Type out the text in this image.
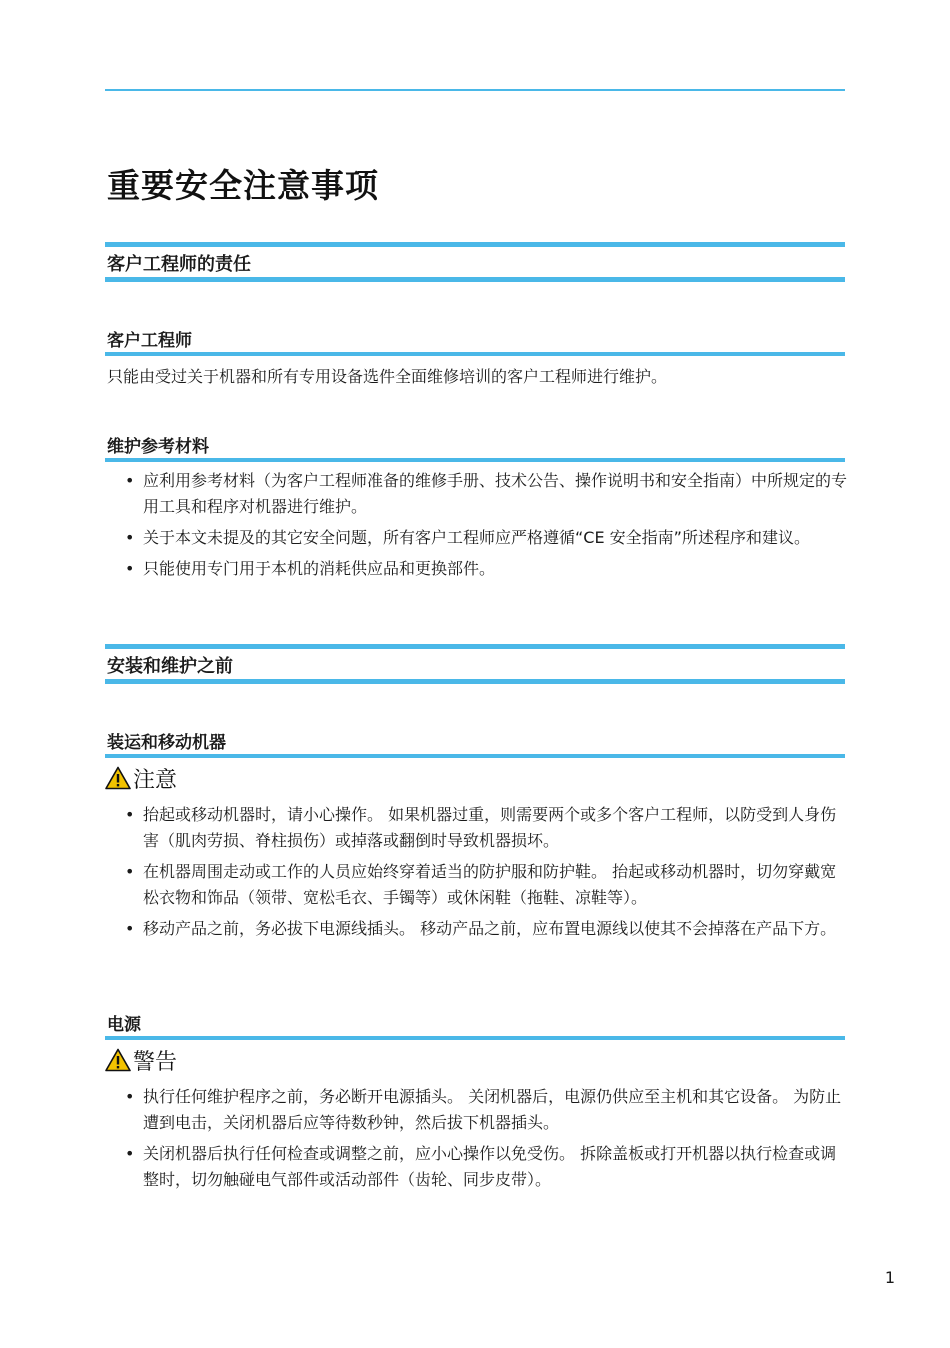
重要安全注意事项
客户工程师的责任
客户工程师

只能由受过关于机器和所有专用设备选件全面维修培训的客户工程师进行维护。

维护参考材料
• 应利用参考材料（为客户工程师准备的维修手册、技术公告、操作说明书和安全指南）中所规定的专用工具和程序对机器进行维护。
• 关于本文未提及的其它安全问题，所有客户工程师应严格遵循“CE 安全指南”所述程序和建议。
• 只能使用专门用于本机的消耗供应品和更换部件。
安装和维护之前
装运和移动机器
注意
• 抬起或移动机器时，请小心操作。 如果机器过重，则需要两个或多个客户工程师，以防受到人身伤害（肌肉劳损、脊柱损伤）或掉落或翻倒时导致机器损坏。
• 在机器周围走动或工作的人员应始终穿着适当的防护服和防护鞋。 抬起或移动机器时，切勿穿戴宽松衣物和饰品（领带、宽松毛衣、手镯等）或休闲鞋（拖鞋、凉鞋等）。
• 移动产品之前，务必拔下电源线插头。 移动产品之前，应布置电源线以使其不会掉落在产品下方。
电源
警告
• 执行任何维护程序之前，务必断开电源插头。 关闭机器后，电源仍供应至主机和其它设备。 为防止遭到电击，关闭机器后应等待数秒钟，然后拔下机器插头。
• 关闭机器后执行任何检查或调整之前，应小心操作以免受伤。 拆除盖板或打开机器以执行检查或调整时，切勿触碰电气部件或活动部件（齿轮、同步皮带）。
1
